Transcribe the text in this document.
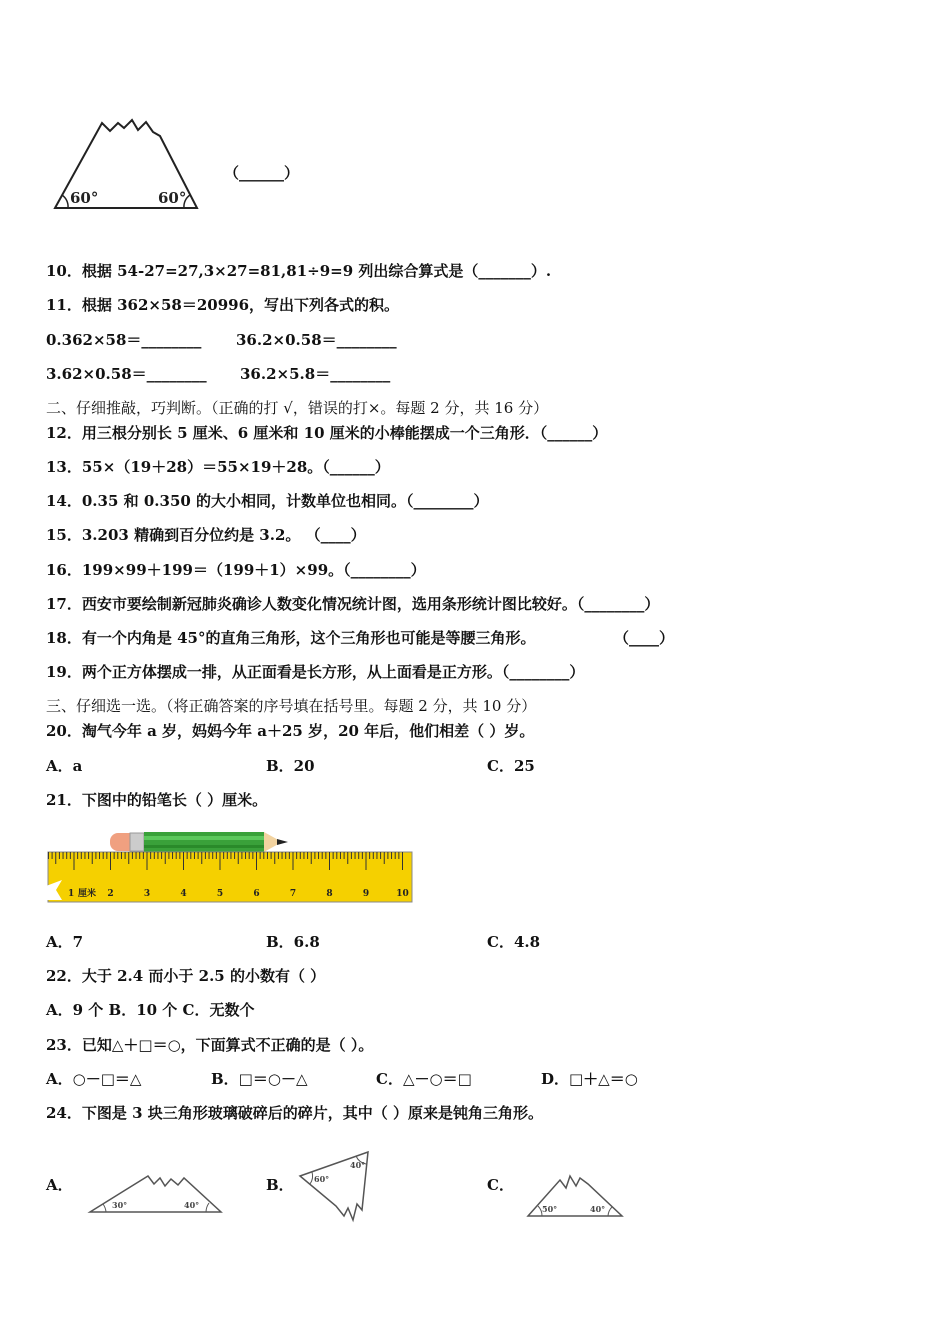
60°	60°
（______）
10．根据 54-27=27,3×27=81,81÷9=9 列出综合算式是（_______）.
11．根据 362×58＝20996，写出下列各式的积。
0.362×58＝________ 36.2×0.58＝________
3.62×0.58＝________ 36.2×5.8＝________
二、仔细推敲，巧判断。（正确的打 √，错误的打×。每题 2 分，共 16 分）
12．用三根分别长 5 厘米、6 厘米和 10 厘米的小棒能摆成一个三角形．（______）
13．55×（19＋28）＝55×19＋28。（______）
14．0.35 和 0.350 的大小相同，计数单位也相同。（________）
15．3.203 精确到百分位约是 3.2。 （____）
16．199×99＋199＝（199＋1）×99。（________）
17．西安市要绘制新冠肺炎确诊人数变化情况统计图，选用条形统计图比较好。（________）
18．有一个内角是 45°的直角三角形，这个三角形也可能是等腰三角形。	（____）
19．两个正方体摆成一排，从正面看是长方形，从上面看是正方形。（________）
三、仔细选一选。（将正确答案的序号填在括号里。每题 2 分，共 10 分）
20．淘气今年 a 岁，妈妈今年 a＋25 岁，20 年后，他们相差（ ）岁。
A．a	B．20	C．25
21．下图中的铅笔长（ ）厘米。
2	3	4	5	6	7	8	9	10
1 厘米
A．7	B．6.8	C．4.8
22．大于 2.4 而小于 2.5 的小数有（ ）
A．9 个 B．10 个 C．无数个
23．已知△＋□＝○，下面算式不正确的是（ ）。
A．○－□＝△	B．□＝○－△	C．△－○＝□	D．□＋△＝○
24．下图是 3 块三角形玻璃破碎后的碎片，其中（ ）原来是钝角三角形。
A．	B．	C．
30°	40°
60°
40°
50°	40°
